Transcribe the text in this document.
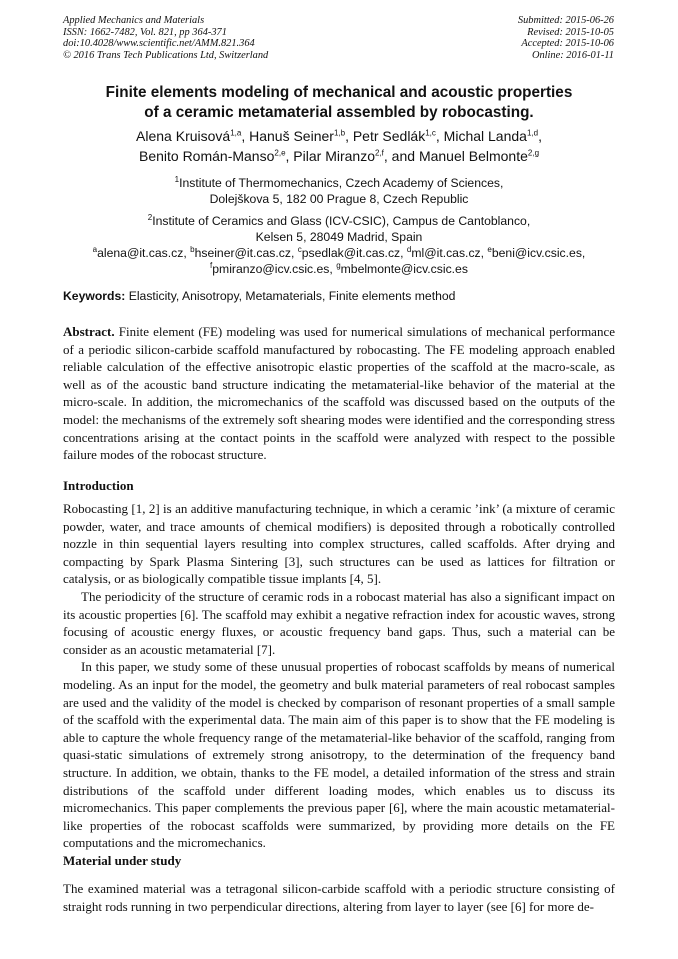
Applied Mechanics and Materials
ISSN: 1662-7482, Vol. 821, pp 364-371
doi:10.4028/www.scientific.net/AMM.821.364
© 2016 Trans Tech Publications Ltd, Switzerland
Submitted: 2015-06-26
Revised: 2015-10-05
Accepted: 2015-10-06
Online: 2016-01-11
Finite elements modeling of mechanical and acoustic properties
of a ceramic metamaterial assembled by robocasting.
Alena Kruisová$^{1,a}$, Hanuš Seiner$^{1,b}$, Petr Sedlák$^{1,c}$, Michal Landa$^{1,d}$,
Benito Román-Manso$^{2,e}$, Pilar Miranzo$^{2,f}$, and Manuel Belmonte$^{2,g}$
$^1$Institute of Thermomechanics, Czech Academy of Sciences,
Dolejškova 5, 182 00 Prague 8, Czech Republic
$^2$Institute of Ceramics and Glass (ICV-CSIC), Campus de Cantoblanco,
Kelsen 5, 28049 Madrid, Spain
$^a$alena@it.cas.cz, $^b$hseiner@it.cas.cz, $^c$psedlak@it.cas.cz, $^d$ml@it.cas.cz, $^e$beni@icv.csic.es,
$^f$pmiranzo@icv.csic.es, $^g$mbelmonte@icv.csic.es
Keywords: Elasticity, Anisotropy, Metamaterials, Finite elements method
Abstract. Finite element (FE) modeling was used for numerical simulations of mechanical performance of a periodic silicon-carbide scaffold manufactured by robocasting. The FE modeling approach enabled reliable calculation of the effective anisotropic elastic properties of the scaffold at the macro-scale, as well as of the acoustic band structure indicating the metamaterial-like behavior of the material at the micro-scale. In addition, the micromechanics of the scaffold was discussed based on the outputs of the model: the mechanisms of the extremely soft shearing modes were identified and the corresponding stress concentrations arising at the contact points in the scaffold were analyzed with respect to the possible failure modes of the robocast structure.
Introduction

Robocasting [1, 2] is an additive manufacturing technique, in which a ceramic ’ink’ (a mixture of ceramic powder, water, and trace amounts of chemical modifiers) is deposited through a robotically controlled nozzle in thin sequential layers resulting into complex structures, called scaffolds. After drying and compacting by Spark Plasma Sintering [3], such structures can be used as lattices for filtration or catalysis, or as biologically compatible tissue implants [4, 5].

The periodicity of the structure of ceramic rods in a robocast material has also a significant impact on its acoustic properties [6]. The scaffold may exhibit a negative refraction index for acoustic waves, strong focusing of acoustic energy fluxes, or acoustic frequency band gaps. Thus, such a material can be consider as an acoustic metamaterial [7].

In this paper, we study some of these unusual properties of robocast scaffolds by means of numerical modeling. As an input for the model, the geometry and bulk material parameters of real robocast samples are used and the validity of the model is checked by comparison of resonant properties of a small sample of the scaffold with the experimental data. The main aim of this paper is to show that the FE modeling is able to capture the whole frequency range of the metamaterial-like behavior of the scaffold, ranging from quasi-static simulations of extremely strong anisotropy, to the determination of the frequency band structure. In addition, we obtain, thanks to the FE model, a detailed information of the stress and strain distributions of the scaffold under different loading modes, which enables us to discuss its micromechanics. This paper complements the previous paper [6], where the main acoustic metamaterial-like properties of the robocast scaffolds were summarized, by providing more details on the FE computations and the micromechanics.

Material under study

The examined material was a tetragonal silicon-carbide scaffold with a periodic structure consisting of straight rods running in two perpendicular directions, altering from layer to layer (see [6] for more de-
